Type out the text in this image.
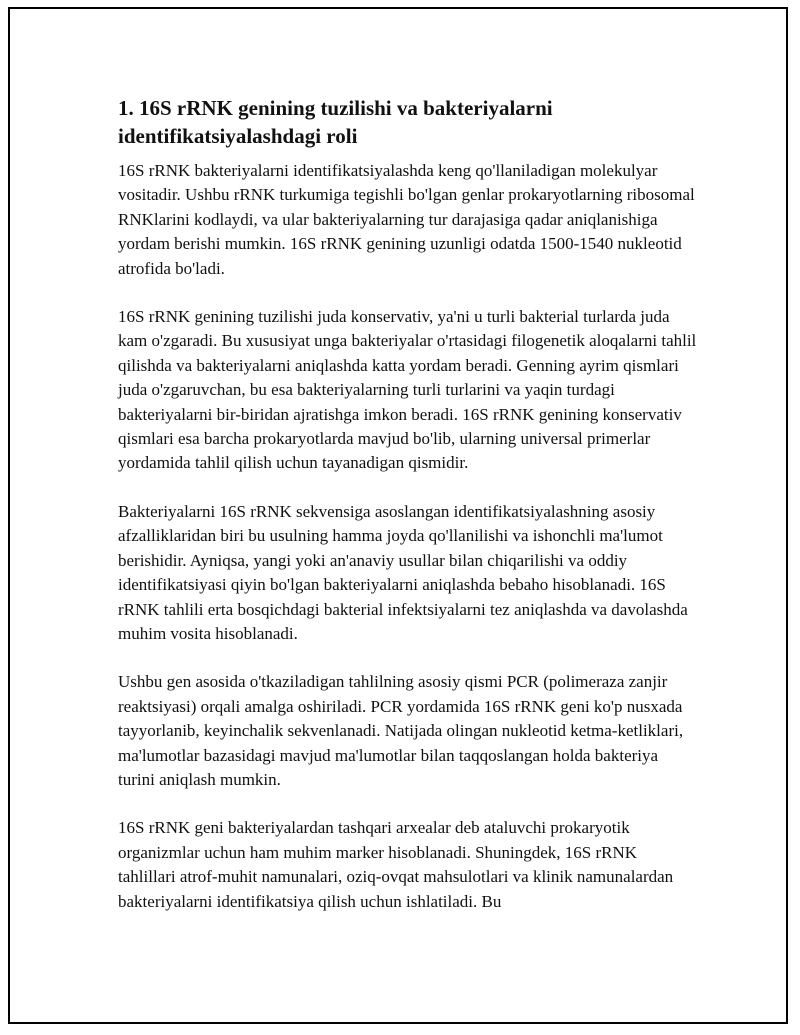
1. 16S rRNK genining tuzilishi va bakteriyalarni identifikatsiyalashdagi roli

16S rRNK bakteriyalarni identifikatsiyalashda keng qo'llaniladigan molekulyar vositadir. Ushbu rRNK turkumiga tegishli bo'lgan genlar prokaryotlarning ribosomal RNKlarini kodlaydi, va ular bakteriyalarning tur darajasiga qadar aniqlanishiga yordam berishi mumkin. 16S rRNK genining uzunligi odatda 1500-1540 nukleotid atrofida bo'ladi.

16S rRNK genining tuzilishi juda konservativ, ya'ni u turli bakterial turlarda juda kam o'zgaradi. Bu xususiyat unga bakteriyalar o'rtasidagi filogenetik aloqalarni tahlil qilishda va bakteriyalarni aniqlashda katta yordam beradi. Genning ayrim qismlari juda o'zgaruvchan, bu esa bakteriyalarning turli turlarini va yaqin turdagi bakteriyalarni bir-biridan ajratishga imkon beradi. 16S rRNK genining konservativ qismlari esa barcha prokaryotlarda mavjud bo'lib, ularning universal primerlar yordamida tahlil qilish uchun tayanadigan qismidir.

Bakteriyalarni 16S rRNK sekvensiga asoslangan identifikatsiyalashning asosiy afzalliklaridan biri bu usulning hamma joyda qo'llanilishi va ishonchli ma'lumot berishidir. Ayniqsa, yangi yoki an'anaviy usullar bilan chiqarilishi va oddiy identifikatsiyasi qiyin bo'lgan bakteriyalarni aniqlashda bebaho hisoblanadi. 16S rRNK tahlili erta bosqichdagi bakterial infektsiyalarni tez aniqlashda va davolashda muhim vosita hisoblanadi.

Ushbu gen asosida o'tkaziladigan tahlilning asosiy qismi PCR (polimeraza zanjir reaktsiyasi) orqali amalga oshiriladi. PCR yordamida 16S rRNK geni ko'p nusxada tayyorlanib, keyinchalik sekvenlanadi. Natijada olingan nukleotid ketma-ketliklari, ma'lumotlar bazasidagi mavjud ma'lumotlar bilan taqqoslangan holda bakteriya turini aniqlash mumkin.

16S rRNK geni bakteriyalardan tashqari arxealar deb ataluvchi prokaryotik organizmlar uchun ham muhim marker hisoblanadi. Shuningdek, 16S rRNK tahlillari atrof-muhit namunalari, oziq-ovqat mahsulotlari va klinik namunalardan bakteriyalarni identifikatsiya qilish uchun ishlatiladi. Bu
